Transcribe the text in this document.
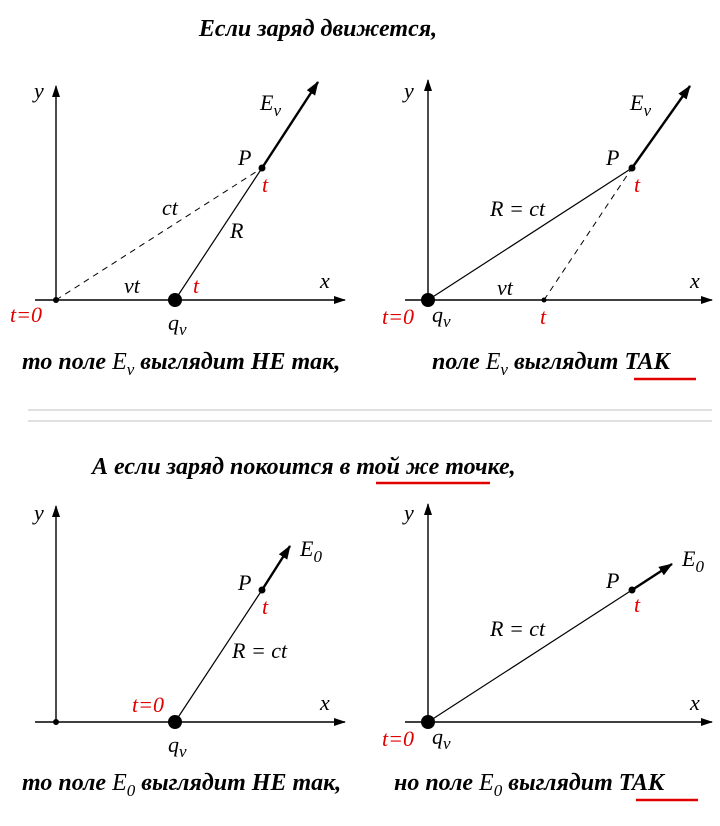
Если заряд движется,
y
x
P
t
ct
R
vt t
t=0	$q_v$
$E_v$
y
x
P
t
R = ct
vt
t
t=0 $q_v$
$E_v$
то поле $E_v$ выглядит НЕ так,	поле $E_v$ выглядит ТАК
А если заряд покоится в той же точке,
y
x
P
t
R = ct
t=0
$q_v$
$E_0$
y
x
P
t
R = ct
t=0 $q_v$
$E_0$
то поле $E_0$ выглядит НЕ так, но поле $E_0$ выглядит ТАК
